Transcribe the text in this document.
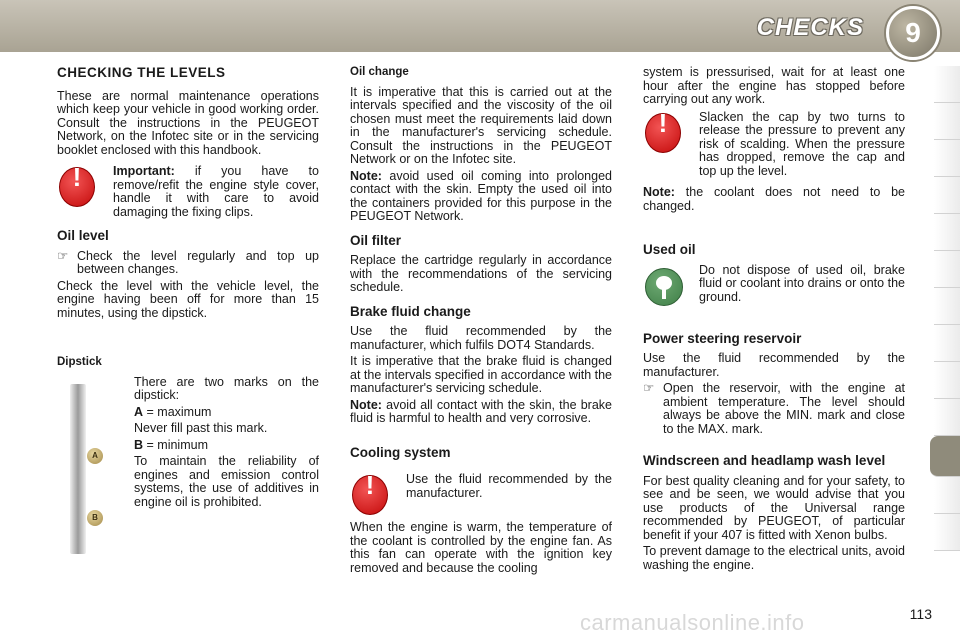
CHECKS 9
CHECKING THE LEVELS

These are normal maintenance operations which keep your vehicle in good working order. Consult the instructions in the PEUGEOT Network, on the Infotec site or in the servicing booklet enclosed with this handbook.

!

Important: if you have to remove/refit the engine style cover, handle it with care to avoid damaging the fixing clips.

Oil level
☞ Check the level regularly and top up between changes.

Check the level with the vehicle level, the engine having been off for more than 15 minutes, using the dipstick.

Dipstick
A
B

There are two marks on the dipstick:

A = maximum

Never fill past this mark.

B = minimum

To maintain the reliability of engines and emission control systems, the use of additives in engine oil is prohibited.

Oil change

It is imperative that this is carried out at the intervals specified and the viscosity of the oil chosen must meet the requirements laid down in the manufacturer's servicing schedule. Consult the instructions in the PEUGEOT Network or on the Infotec site.

Note: avoid used oil coming into prolonged contact with the skin. Empty the used oil into the containers provided for this purpose in the PEUGEOT Network.

Oil filter

Replace the cartridge regularly in accordance with the recommendations of the servicing schedule.

Brake fluid change

Use the fluid recommended by the manufacturer, which fulfils DOT4 Standards.

It is imperative that the brake fluid is changed at the intervals specified in accordance with the manufacturer's servicing schedule.

Note: avoid all contact with the skin, the brake fluid is harmful to health and very corrosive.

Cooling system
!

Use the fluid recommended by the manufacturer.

When the engine is warm, the temperature of the coolant is controlled by the engine fan. As this fan can operate with the ignition key removed and because the cooling

system is pressurised, wait for at least one hour after the engine has stopped before carrying out any work.

!

Slacken the cap by two turns to release the pressure to prevent any risk of scalding. When the pressure has dropped, remove the cap and top up the level.

Note: the coolant does not need to be changed.

Used oil

Do not dispose of used oil, brake fluid or coolant into drains or onto the ground.

Power steering reservoir

Use the fluid recommended by the manufacturer.

☞ Open the reservoir, with the engine at ambient temperature. The level should always be above the MIN. mark and close to the MAX. mark.
Windscreen and headlamp wash level

For best quality cleaning and for your safety, to see and be seen, we would advise that you use products of the Universal range recommended by PEUGEOT, of particular benefit if your 407 is fitted with Xenon bulbs.

To prevent damage to the electrical units, avoid washing the engine.

carmanualsonline.info	113
